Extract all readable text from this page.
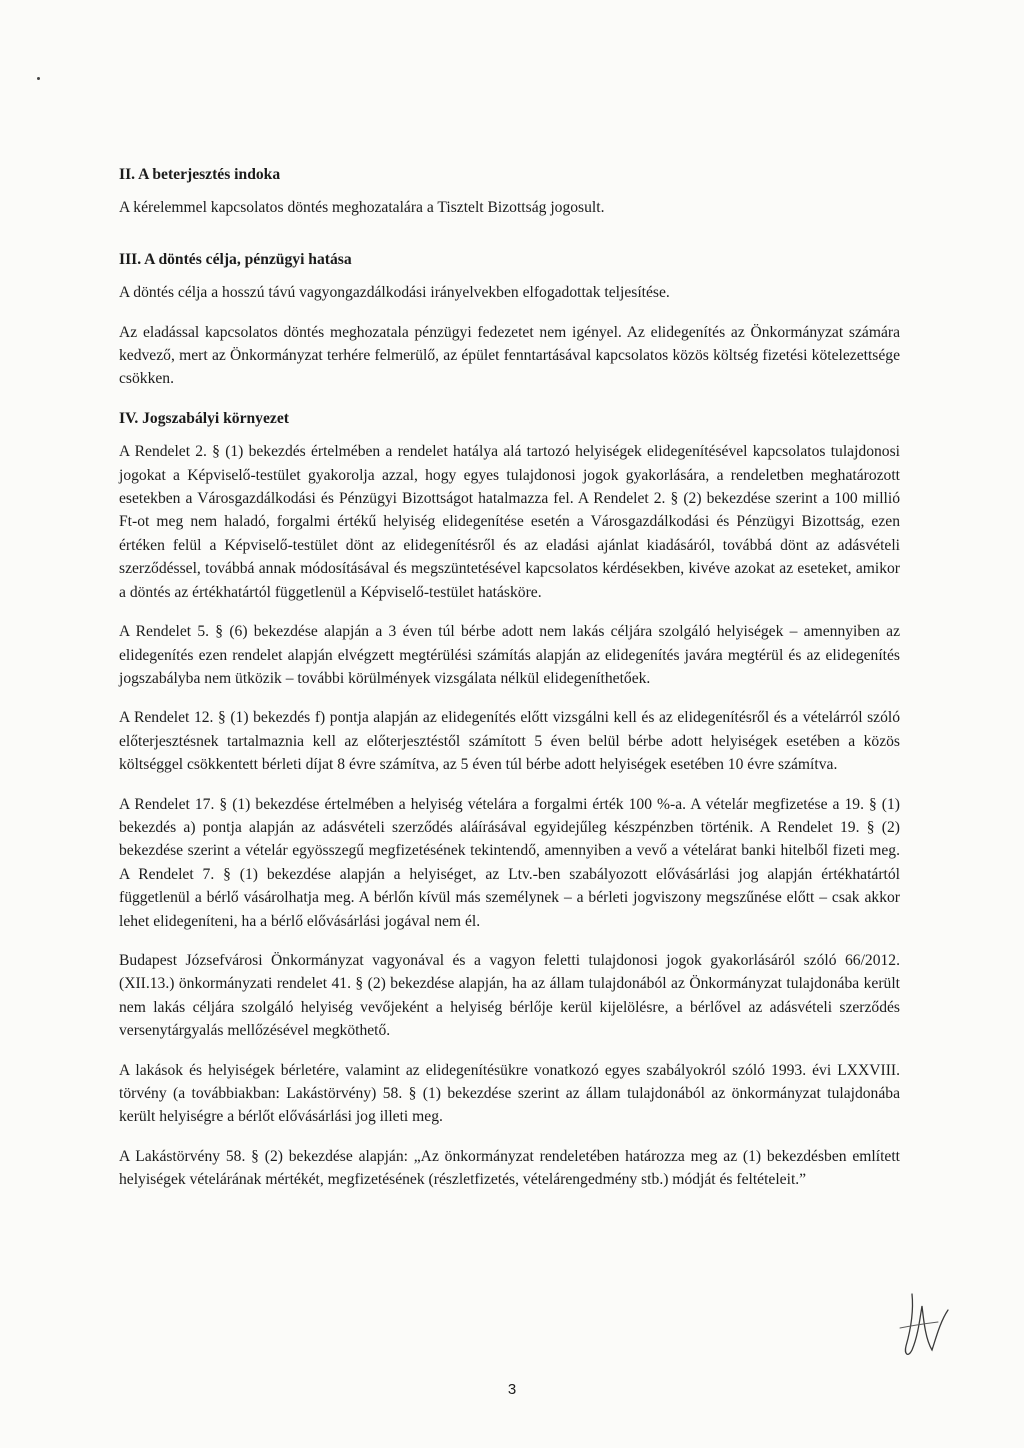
II. A beterjesztés indoka

A kérelemmel kapcsolatos döntés meghozatalára a Tisztelt Bizottság jogosult.

III. A döntés célja, pénzügyi hatása

A döntés célja a hosszú távú vagyongazdálkodási irányelvekben elfogadottak teljesítése.

Az eladással kapcsolatos döntés meghozatala pénzügyi fedezetet nem igényel. Az elidegenítés az Önkormányzat számára kedvező, mert az Önkormányzat terhére felmerülő, az épület fenntartásával kapcsolatos közös költség fizetési kötelezettsége csökken.

IV. Jogszabályi környezet

A Rendelet 2. § (1) bekezdés értelmében a rendelet hatálya alá tartozó helyiségek elidegenítésével kapcsolatos tulajdonosi jogokat a Képviselő-testület gyakorolja azzal, hogy egyes tulajdonosi jogok gyakorlására, a rendeletben meghatározott esetekben a Városgazdálkodási és Pénzügyi Bizottságot hatalmazza fel. A Rendelet 2. § (2) bekezdése szerint a 100 millió Ft-ot meg nem haladó, forgalmi értékű helyiség elidegenítése esetén a Városgazdálkodási és Pénzügyi Bizottság, ezen értéken felül a Képviselő-testület dönt az elidegenítésről és az eladási ajánlat kiadásáról, továbbá dönt az adásvételi szerződéssel, továbbá annak módosításával és megszüntetésével kapcsolatos kérdésekben, kivéve azokat az eseteket, amikor a döntés az értékhatártól függetlenül a Képviselő-testület hatásköre.

A Rendelet 5. § (6) bekezdése alapján a 3 éven túl bérbe adott nem lakás céljára szolgáló helyiségek – amennyiben az elidegenítés ezen rendelet alapján elvégzett megtérülési számítás alapján az elidegenítés javára megtérül és az elidegenítés jogszabályba nem ütközik – további körülmények vizsgálata nélkül elidegeníthetőek.

A Rendelet 12. § (1) bekezdés f) pontja alapján az elidegenítés előtt vizsgálni kell és az elidegenítésről és a vételárról szóló előterjesztésnek tartalmaznia kell az előterjesztéstől számított 5 éven belül bérbe adott helyiségek esetében a közös költséggel csökkentett bérleti díjat 8 évre számítva, az 5 éven túl bérbe adott helyiségek esetében 10 évre számítva.

A Rendelet 17. § (1) bekezdése értelmében a helyiség vételára a forgalmi érték 100 %-a. A vételár megfizetése a 19. § (1) bekezdés a) pontja alapján az adásvételi szerződés aláírásával egyidejűleg készpénzben történik. A Rendelet 19. § (2) bekezdése szerint a vételár egyösszegű megfizetésének tekintendő, amennyiben a vevő a vételárat banki hitelből fizeti meg. A Rendelet 7. § (1) bekezdése alapján a helyiséget, az Ltv.-ben szabályozott elővásárlási jog alapján értékhatártól függetlenül a bérlő vásárolhatja meg. A bérlőn kívül más személynek – a bérleti jogviszony megszűnése előtt – csak akkor lehet elidegeníteni, ha a bérlő elővásárlási jogával nem él.

Budapest Józsefvárosi Önkormányzat vagyonával és a vagyon feletti tulajdonosi jogok gyakorlásáról szóló 66/2012. (XII.13.) önkormányzati rendelet 41. § (2) bekezdése alapján, ha az állam tulajdonából az Önkormányzat tulajdonába került nem lakás céljára szolgáló helyiség vevőjeként a helyiség bérlője kerül kijelölésre, a bérlővel az adásvételi szerződés versenytárgyalás mellőzésével megköthető.

A lakások és helyiségek bérletére, valamint az elidegenítésükre vonatkozó egyes szabályokról szóló 1993. évi LXXVIII. törvény (a továbbiakban: Lakástörvény) 58. § (1) bekezdése szerint az állam tulajdonából az önkormányzat tulajdonába került helyiségre a bérlőt elővásárlási jog illeti meg.

A Lakástörvény 58. § (2) bekezdése alapján: „Az önkormányzat rendeletében határozza meg az (1) bekezdésben említett helyiségek vételárának mértékét, megfizetésének (részletfizetés, vételárengedmény stb.) módját és feltételeit.”

3
